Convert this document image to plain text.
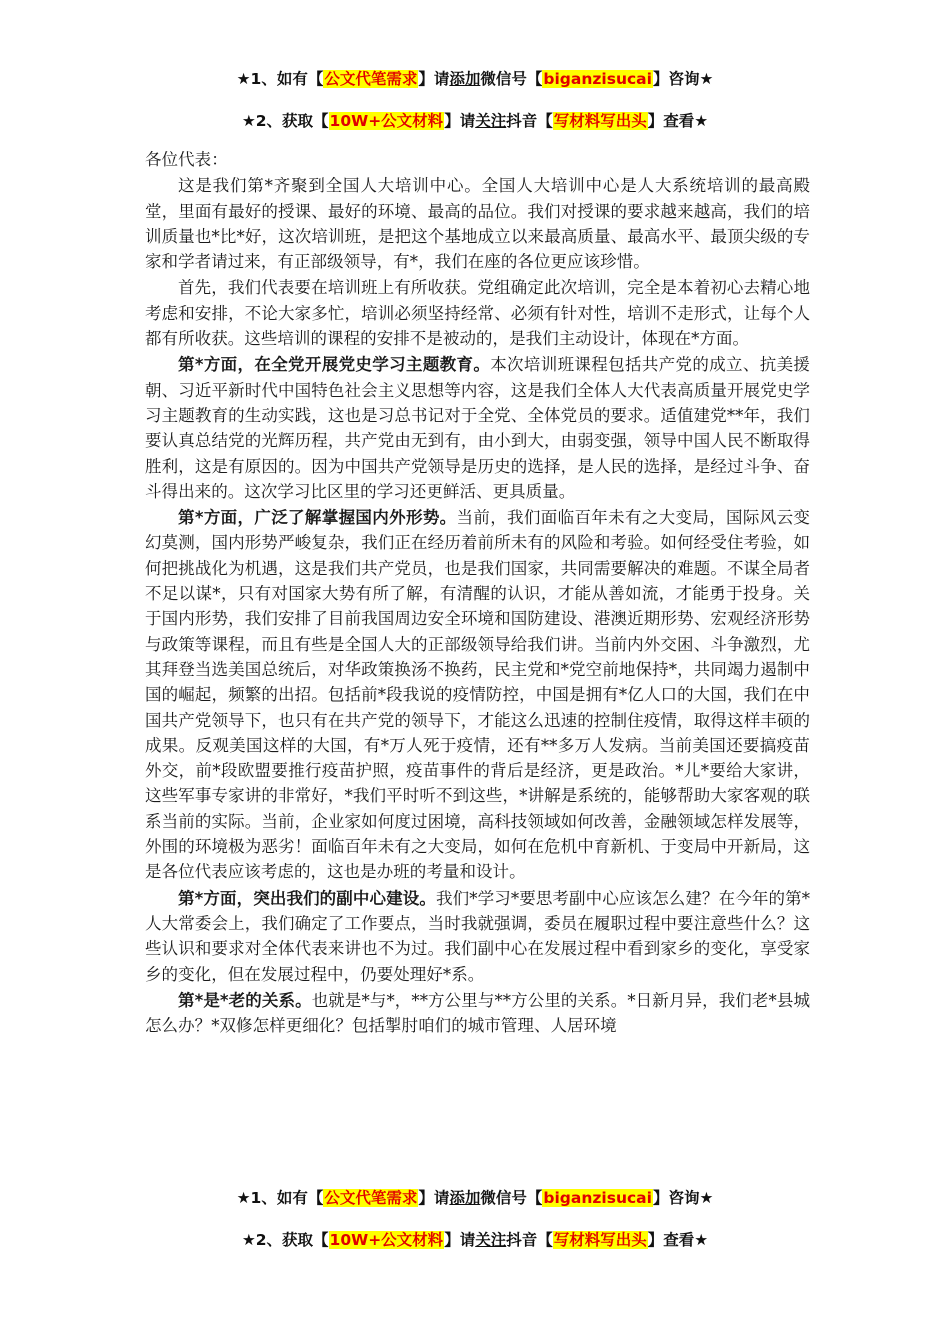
★1、如有【公文代笔需求】请添加微信号【biganzisucai】咨询★
★2、获取【10W+公文材料】请关注抖音【写材料写出头】查看★

各位代表：

这是我们第*齐聚到全国人大培训中心。全国人大培训中心是人大系统培训的最高殿堂，里面有最好的授课、最好的环境、最高的品位。我们对授课的要求越来越高，我们的培训质量也*比*好，这次培训班，是把这个基地成立以来最高质量、最高水平、最顶尖级的专家和学者请过来，有正部级领导，有*，我们在座的各位更应该珍惜。

首先，我们代表要在培训班上有所收获。党组确定此次培训，完全是本着初心去精心地考虑和安排，不论大家多忙，培训必须坚持经常、必须有针对性，培训不走形式，让每个人都有所收获。这些培训的课程的安排不是被动的，是我们主动设计，体现在*方面。

第*方面，在全党开展党史学习主题教育。本次培训班课程包括共产党的成立、抗美援朝、习近平新时代中国特色社会主义思想等内容，这是我们全体人大代表高质量开展党史学习主题教育的生动实践，这也是习总书记对于全党、全体党员的要求。适值建党**年，我们要认真总结党的光辉历程，共产党由无到有，由小到大，由弱变强，领导中国人民不断取得胜利，这是有原因的。因为中国共产党领导是历史的选择，是人民的选择，是经过斗争、奋斗得出来的。这次学习比区里的学习还更鲜活、更具质量。

第*方面，广泛了解掌握国内外形势。当前，我们面临百年未有之大变局，国际风云变幻莫测，国内形势严峻复杂，我们正在经历着前所未有的风险和考验。如何经受住考验，如何把挑战化为机遇，这是我们共产党员，也是我们国家，共同需要解决的难题。不谋全局者不足以谋*，只有对国家大势有所了解，有清醒的认识，才能从善如流，才能勇于投身。关于国内形势，我们安排了目前我国周边安全环境和国防建设、港澳近期形势、宏观经济形势与政策等课程，而且有些是全国人大的正部级领导给我们讲。当前内外交困、斗争激烈，尤其拜登当选美国总统后，对华政策换汤不换药，民主党和*党空前地保持*，共同竭力遏制中国的崛起，频繁的出招。包括前*段我说的疫情防控，中国是拥有*亿人口的大国，我们在中国共产党领导下，也只有在共产党的领导下，才能这么迅速的控制住疫情，取得这样丰硕的成果。反观美国这样的大国，有*万人死于疫情，还有**多万人发病。当前美国还要搞疫苗外交，前*段欧盟要推行疫苗护照，疫苗事件的背后是经济，更是政治。*儿*要给大家讲，这些军事专家讲的非常好，*我们平时听不到这些，*讲解是系统的，能够帮助大家客观的联系当前的实际。当前，企业家如何度过困境，高科技领域如何改善，金融领域怎样发展等，外围的环境极为恶劣！面临百年未有之大变局，如何在危机中育新机、于变局中开新局，这是各位代表应该考虑的，这也是办班的考量和设计。

第*方面，突出我们的副中心建设。我们*学习*要思考副中心应该怎么建？在今年的第*人大常委会上，我们确定了工作要点，当时我就强调，委员在履职过程中要注意些什么？这些认识和要求对全体代表来讲也不为过。我们副中心在发展过程中看到家乡的变化，享受家乡的变化，但在发展过程中，仍要处理好*系。

第*是*老的关系。也就是*与*，**方公里与**方公里的关系。*日新月异，我们老*县城怎么办？*双修怎样更细化？包括掣肘咱们的城市管理、人居环境

★1、如有【公文代笔需求】请添加微信号【biganzisucai】咨询★
★2、获取【10W+公文材料】请关注抖音【写材料写出头】查看★
